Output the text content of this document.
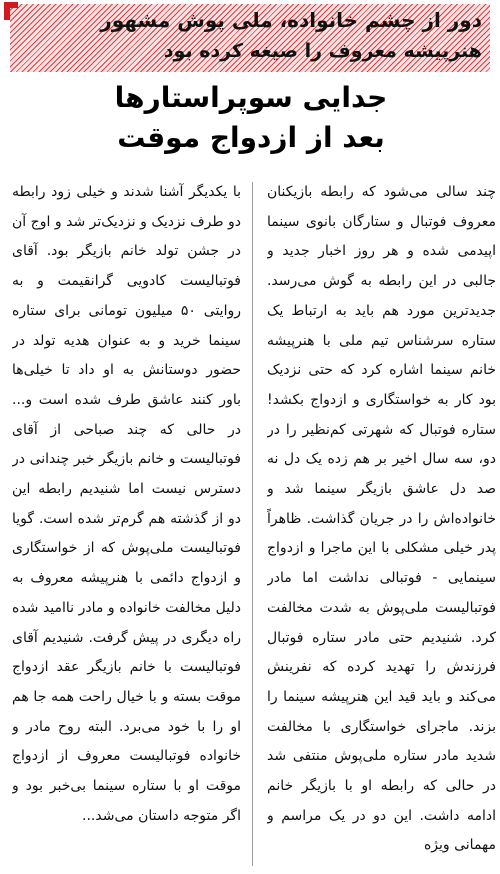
دور از چشم خانواده، ملی پوش مشهور
هنرپیشه معروف را صیغه کرده بود
جدایی سوپراستارها
بعد از ازدواج موقت

چند سالی می‌شود که رابطه بازیکنان معروف فوتبال و ستارگان بانوی سینما اپیدمی شده و هر روز اخبار جدید و جالبی در این رابطه به گوش می‌رسد. جدیدترین مورد هم باید به ارتباط یک ستاره سرشناس تیم ملی با هنرپیشه خانم سینما اشاره کرد که حتی نزدیک بود کار به خواستگاری و ازدواج بکشد! ستاره فوتبال که شهرتی کم‌نظیر را در دو، سه سال اخیر بر هم زده یک دل نه صد دل عاشق بازیگر سینما شد و خانواده‌اش را در جریان گذاشت. ظاهراً پدر خیلی مشکلی با این ماجرا و ازدواج سینمایی - فوتبالی نداشت اما مادر فوتبالیست ملی‌پوش به شدت مخالفت کرد. شنیدیم حتی مادر ستاره فوتبال فرزندش را تهدید کرده که نفرینش می‌کند و باید قید این هنرپیشه سینما را بزند. ماجرای خواستگاری با مخالفت شدید مادر ستاره ملی‌پوش منتفی شد در حالی که رابطه او با بازیگر خانم ادامه داشت. این دو در یک مراسم و مهمانی ویژه

با یکدیگر آشنا شدند و خیلی زود رابطه دو طرف نزدیک و نزدیک‌تر شد و اوج آن در جشن تولد خانم بازیگر بود. آقای فوتبالیست کادویی گرانقیمت و به روایتی ۵۰ میلیون تومانی برای ستاره سینما خرید و به عنوان هدیه تولد در حضور دوستانش به او داد تا خیلی‌ها باور کنند عاشق طرف شده است و... در حالی که چند صباحی از آقای فوتبالیست و خانم بازیگر خبر چندانی در دسترس نیست اما شنیدیم رابطه این دو از گذشته هم گرم‌تر شده است. گویا فوتبالیست ملی‌پوش که از خواستگاری و ازدواج دائمی با هنرپیشه معروف به دلیل مخالفت خانواده و مادر ناامید شده راه دیگری در پیش گرفت. شنیدیم آقای فوتبالیست با خانم بازیگر عقد ازدواج موقت بسته و با خیال راحت همه جا هم او را با خود می‌برد. البته روح مادر و خانواده فوتبالیست معروف از ازدواج موقت او با ستاره سینما بی‌خبر بود و اگر متوجه داستان می‌شد...
